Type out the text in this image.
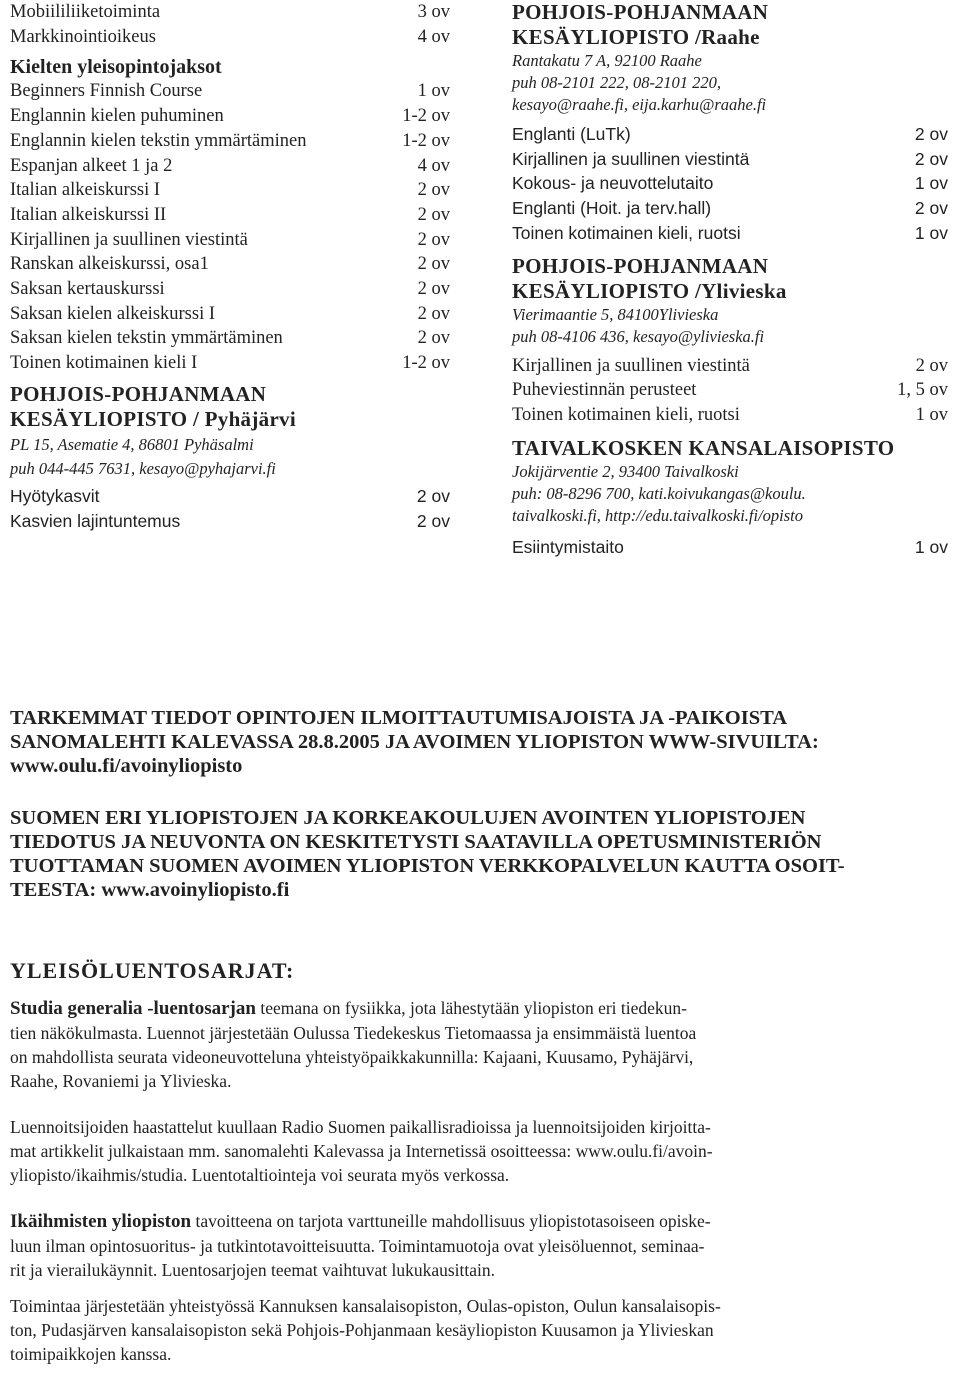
Mobiililiiketoiminta	3 ov
Markkinointioikeus	4 ov
Kielten yleisopintojaksot
Beginners Finnish Course	1 ov
Englannin kielen puhuminen	1-2 ov
Englannin kielen tekstin ymmärtäminen	1-2 ov
Espanjan alkeet 1 ja 2	4 ov
Italian alkeiskurssi I	2 ov
Italian alkeiskurssi II	2 ov
Kirjallinen ja suullinen viestintä	2 ov
Ranskan alkeiskurssi, osa1	2 ov
Saksan kertauskurssi	2 ov
Saksan kielen alkeiskurssi I	2 ov
Saksan kielen tekstin ymmärtäminen	2 ov
Toinen kotimainen kieli I	1-2 ov
POHJOIS-POHJANMAAN
KESÄYLIOPISTO / Pyhäjärvi
PL 15, Asematie 4, 86801 Pyhäsalmi
puh 044-445 7631, kesayo@pyhajarvi.fi
Hyötykasvit	2 ov
Kasvien lajintuntemus	2 ov
POHJOIS-POHJANMAAN
KESÄYLIOPISTO /Raahe
Rantakatu 7 A, 92100 Raahe
puh 08-2101 222, 08-2101 220,
kesayo@raahe.fi, eija.karhu@raahe.fi
Englanti (LuTk)	2 ov
Kirjallinen ja suullinen viestintä	2 ov
Kokous- ja neuvottelutaito	1 ov
Englanti (Hoit. ja terv.hall)	2 ov
Toinen kotimainen kieli, ruotsi	1 ov
POHJOIS-POHJANMAAN
KESÄYLIOPISTO /Ylivieska
Vierimaantie 5, 84100Ylivieska
puh 08-4106 436, kesayo@ylivieska.fi
Kirjallinen ja suullinen viestintä	2 ov
Puheviestinnän perusteet	1, 5 ov
Toinen kotimainen kieli, ruotsi	1 ov
TAIVALKOSKEN KANSALAISOPISTO
Jokijärventie 2, 93400 Taivalkoski
puh: 08-8296 700, kati.koivukangas@koulu.
taivalkoski.fi, http://edu.taivalkoski.fi/opisto
Esiintymistaito	1 ov
TARKEMMAT TIEDOT OPINTOJEN ILMOITTAUTUMISAJOISTA JA -PAIKOISTA
SANOMALEHTI KALEVASSA 28.8.2005 JA AVOIMEN YLIOPISTON WWW-SIVUILTA:
www.oulu.fi/avoinyliopisto
SUOMEN ERI YLIOPISTOJEN JA KORKEAKOULUJEN AVOINTEN YLIOPISTOJEN
TIEDOTUS JA NEUVONTA ON KESKITETYSTI SAATAVILLA OPETUSMINISTERIÖN
TUOTTAMAN SUOMEN AVOIMEN YLIOPISTON VERKKOPALVELUN KAUTTA OSOIT-
TEESTA: www.avoinyliopisto.fi
YLEISÖLUENTOSARJAT:
Studia generalia -luentosarjan teemana on fysiikka, jota lähestytään yliopiston eri tiedekun-
tien näkökulmasta. Luennot järjestetään Oulussa Tiedekeskus Tietomaassa ja ensimmäistä luentoa
on mahdollista seurata videoneuvotteluna yhteistyöpaikkakunnilla: Kajaani, Kuusamo, Pyhäjärvi,
Raahe, Rovaniemi ja Ylivieska.
Luennoitsijoiden haastattelut kuullaan Radio Suomen paikallisradioissa ja luennoitsijoiden kirjoitta-
mat artikkelit julkaistaan mm. sanomalehti Kalevassa ja Internetissä osoitteessa: www.oulu.fi/avoin-
yliopisto/ikaihmis/studia. Luentotaltiointeja voi seurata myös verkossa.
Ikäihmisten yliopiston tavoitteena on tarjota varttuneille mahdollisuus yliopistotasoiseen opiske-
luun ilman opintosuoritus- ja tutkintotavoitteisuutta. Toimintamuotoja ovat yleisöluennot, seminaa-
rit ja vierailukäynnit. Luentosarjojen teemat vaihtuvat lukukausittain.
Toimintaa järjestetään yhteistyössä Kannuksen kansalaisopiston, Oulas-opiston, Oulun kansalaisopis-
ton, Pudasjärven kansalaisopiston sekä Pohjois-Pohjanmaan kesäyliopiston Kuusamon ja Ylivieskan
toimipaikkojen kanssa.
